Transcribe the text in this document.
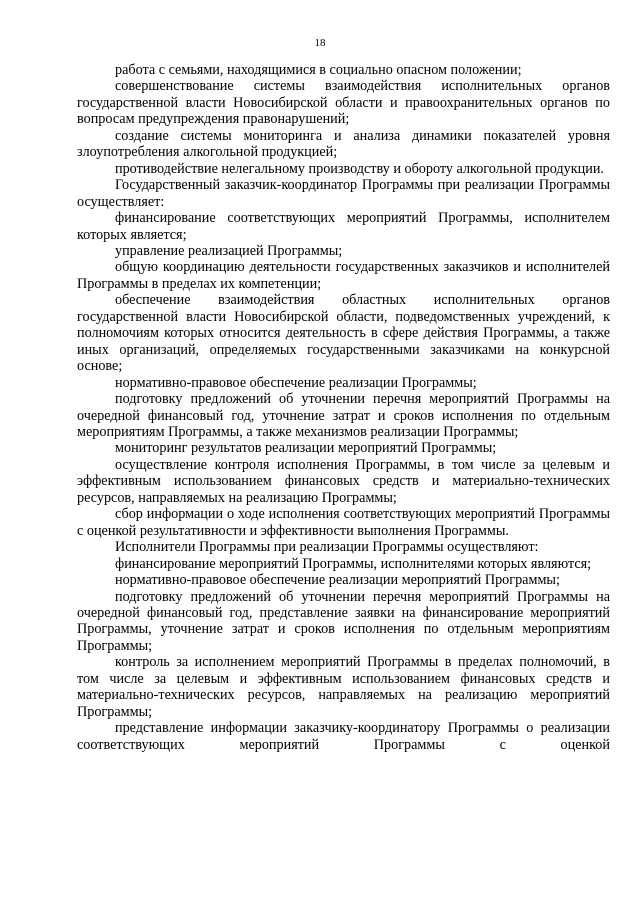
18

работа с семьями, находящимися в социально опасном положении;

совершенствование системы взаимодействия исполнительных органов государственной власти Новосибирской области и правоохранительных органов по вопросам предупреждения правонарушений;

создание системы мониторинга и анализа динамики показателей уровня злоупотребления алкогольной продукцией;

противодействие нелегальному производству и обороту алкогольной продукции.

Государственный заказчик-координатор Программы при реализации Программы осуществляет:

финансирование соответствующих мероприятий Программы, исполнителем которых является;

управление реализацией Программы;

общую координацию деятельности государственных заказчиков и исполнителей Программы в пределах их компетенции;

обеспечение взаимодействия областных исполнительных органов государственной власти Новосибирской области, подведомственных учреждений, к полномочиям которых относится деятельность в сфере действия Программы, а также иных организаций, определяемых государственными заказчиками на конкурсной основе;

нормативно-правовое обеспечение реализации Программы;

подготовку предложений об уточнении перечня мероприятий Программы на очередной финансовый год, уточнение затрат и сроков исполнения по отдельным мероприятиям Программы, а также механизмов реализации Программы;

мониторинг результатов реализации мероприятий Программы;

осуществление контроля исполнения Программы, в том числе за целевым и эффективным использованием финансовых средств и материально-технических ресурсов, направляемых на реализацию Программы;

сбор информации о ходе исполнения соответствующих мероприятий Программы с оценкой результативности и эффективности выполнения Программы.

Исполнители Программы при реализации Программы осуществляют:

финансирование мероприятий Программы, исполнителями которых являются;

нормативно-правовое обеспечение реализации мероприятий Программы;

подготовку предложений об уточнении перечня мероприятий Программы на очередной финансовый год, представление заявки на финансирование мероприятий Программы, уточнение затрат и сроков исполнения по отдельным мероприятиям Программы;

контроль за исполнением мероприятий Программы в пределах полномочий, в том числе за целевым и эффективным использованием финансовых средств и материально-технических ресурсов, направляемых на реализацию мероприятий Программы;

представление информации заказчику-координатору Программы о реализации соответствующих мероприятий Программы с оценкой
